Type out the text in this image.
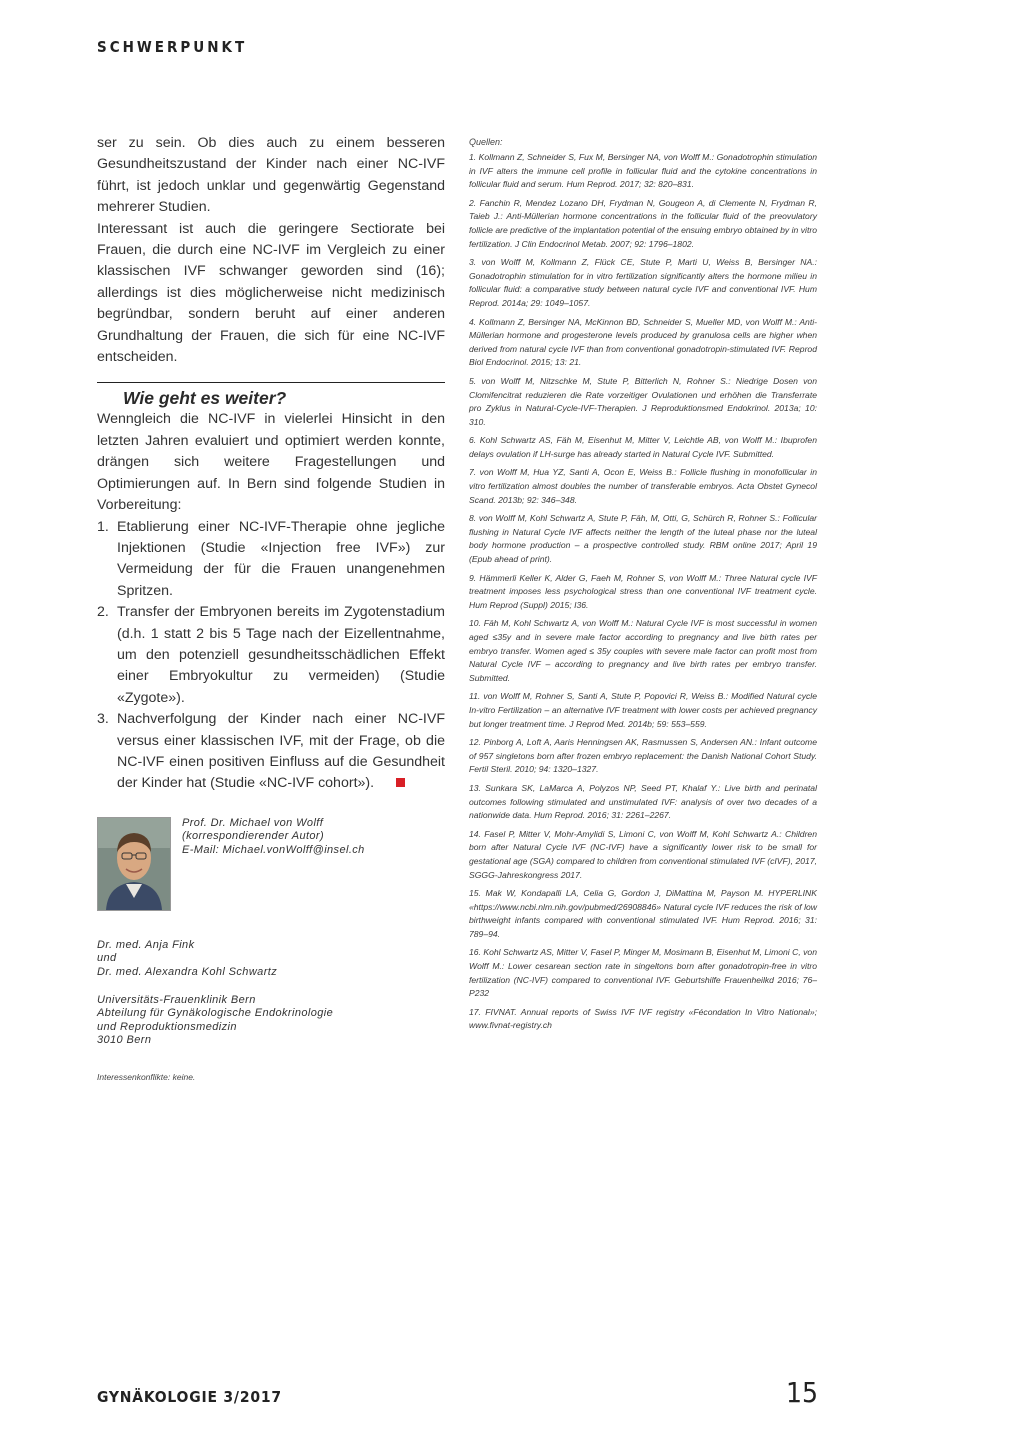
SCHWERPUNKT

ser zu sein. Ob dies auch zu einem besseren Gesundheitszustand der Kinder nach einer NC-IVF führt, ist jedoch unklar und gegenwärtig Gegenstand mehrerer Studien.

Interessant ist auch die geringere Sectiorate bei Frauen, die durch eine NC-IVF im Vergleich zu einer klassischen IVF schwanger geworden sind (16); allerdings ist dies möglicherweise nicht medizinisch begründbar, sondern beruht auf einer anderen Grundhaltung der Frauen, die sich für eine NC-IVF entscheiden.

Wie geht es weiter?

Wenngleich die NC-IVF in vielerlei Hinsicht in den letzten Jahren evaluiert und optimiert werden konnte, drängen sich weitere Fragestellungen und Optimierungen auf. In Bern sind folgende Studien in Vorbereitung:

1. Etablierung einer NC-IVF-Therapie ohne jegliche Injektionen (Studie «Injection free IVF») zur Vermeidung der für die Frauen unangenehmen Spritzen.
2. Transfer der Embryonen bereits im Zygotenstadium (d.h. 1 statt 2 bis 5 Tage nach der Eizellentnahme, um den potenziell gesundheitsschädlichen Effekt einer Embryokultur zu vermeiden) (Studie «Zygote»).
3. Nachverfolgung der Kinder nach einer NC-IVF versus einer klassischen IVF, mit der Frage, ob die NC-IVF einen positiven Einfluss auf die Gesundheit der Kinder hat (Studie «NC-IVF cohort»).
Prof. Dr. Michael von Wolff
(korrespondierender Autor)
E-Mail: Michael.vonWolff@insel.ch
Dr. med. Anja Fink
und
Dr. med. Alexandra Kohl Schwartz
Universitäts-Frauenklinik Bern
Abteilung für Gynäkologische Endokrinologie
und Reproduktionsmedizin
3010 Bern
Interessenkonflikte: keine.
Quellen:

1. Kollmann Z, Schneider S, Fux M, Bersinger NA, von Wolff M.: Gonadotrophin stimulation in IVF alters the immune cell profile in follicular fluid and the cytokine concentrations in follicular fluid and serum. Hum Reprod. 2017; 32: 820–831.

2. Fanchin R, Mendez Lozano DH, Frydman N, Gougeon A, di Clemente N, Frydman R, Taieb J.: Anti-Müllerian hormone concentrations in the follicular fluid of the preovulatory follicle are predictive of the implantation potential of the ensuing embryo obtained by in vitro fertilization. J Clin Endocrinol Metab. 2007; 92: 1796–1802.

3. von Wolff M, Kollmann Z, Flück CE, Stute P, Marti U, Weiss B, Bersinger NA.: Gonadotrophin stimulation for in vitro fertilization significantly alters the hormone milieu in follicular fluid: a comparative study between natural cycle IVF and conventional IVF. Hum Reprod. 2014a; 29: 1049–1057.

4. Kollmann Z, Bersinger NA, McKinnon BD, Schneider S, Mueller MD, von Wolff M.: Anti-Müllerian hormone and progesterone levels produced by granulosa cells are higher when derived from natural cycle IVF than from conventional gonadotropin-stimulated IVF. Reprod Biol Endocrinol. 2015; 13: 21.

5. von Wolff M, Nitzschke M, Stute P, Bitterlich N, Rohner S.: Niedrige Dosen von Clomifencitrat reduzieren die Rate vorzeitiger Ovulationen und erhöhen die Transferrate pro Zyklus in Natural-Cycle-IVF-Therapien. J Reproduktionsmed Endokrinol. 2013a; 10: 310.

6. Kohl Schwartz AS, Fäh M, Eisenhut M, Mitter V, Leichtle AB, von Wolff M.: Ibuprofen delays ovulation if LH-surge has already started in Natural Cycle IVF. Submitted.

7. von Wolff M, Hua YZ, Santi A, Ocon E, Weiss B.: Follicle flushing in monofollicular in vitro fertilization almost doubles the number of transferable embryos. Acta Obstet Gynecol Scand. 2013b; 92: 346–348.

8. von Wolff M, Kohl Schwartz A, Stute P, Fäh, M, Otti, G, Schürch R, Rohner S.: Follicular flushing in Natural Cycle IVF affects neither the length of the luteal phase nor the luteal body hormone production – a prospective controlled study. RBM online 2017; April 19 (Epub ahead of print).

9. Hämmerli Keller K, Alder G, Faeh M, Rohner S, von Wolff M.: Three Natural cycle IVF treatment imposes less psychological stress than one conventional IVF treatment cycle. Hum Reprod (Suppl) 2015; I36.

10. Fäh M, Kohl Schwartz A, von Wolff M.: Natural Cycle IVF is most successful in women aged ≤35y and in severe male factor according to pregnancy and live birth rates per embryo transfer. Women aged ≤ 35y couples with severe male factor can profit most from Natural Cycle IVF – according to pregnancy and live birth rates per embryo transfer. Submitted.

11. von Wolff M, Rohner S, Santi A, Stute P, Popovici R, Weiss B.: Modified Natural cycle In-vitro Fertilization – an alternative IVF treatment with lower costs per achieved pregnancy but longer treatment time. J Reprod Med. 2014b; 59: 553–559.

12. Pinborg A, Loft A, Aaris Henningsen AK, Rasmussen S, Andersen AN.: Infant outcome of 957 singletons born after frozen embryo replacement: the Danish National Cohort Study. Fertil Steril. 2010; 94: 1320–1327.

13. Sunkara SK, LaMarca A, Polyzos NP, Seed PT, Khalaf Y.: Live birth and perinatal outcomes following stimulated and unstimulated IVF: analysis of over two decades of a nationwide data. Hum Reprod. 2016; 31: 2261–2267.

14. Fasel P, Mitter V, Mohr-Amylidi S, Limoni C, von Wolff M, Kohl Schwartz A.: Children born after Natural Cycle IVF (NC-IVF) have a significantly lower risk to be small for gestational age (SGA) compared to children from conventional stimulated IVF (cIVF), 2017, SGGG-Jahreskongress 2017.

15. Mak W, Kondapalli LA, Celia G, Gordon J, DiMattina M, Payson M. HYPERLINK «https://www.ncbi.nlm.nih.gov/pubmed/26908846» Natural cycle IVF reduces the risk of low birthweight infants compared with conventional stimulated IVF. Hum Reprod. 2016; 31: 789–94.

16. Kohl Schwartz AS, Mitter V, Fasel P, Minger M, Mosimann B, Eisenhut M, Limoni C, von Wolff M.: Lower cesarean section rate in singeltons born after gonadotropin-free in vitro fertilization (NC-IVF) compared to conventional IVF. Geburtshilfe Frauenheilkd 2016; 76–P232

17. FIVNAT. Annual reports of Swiss IVF IVF registry «Fécondation In Vitro National»; www.fivnat-registry.ch

GYNÄKOLOGIE 3/2017	15
